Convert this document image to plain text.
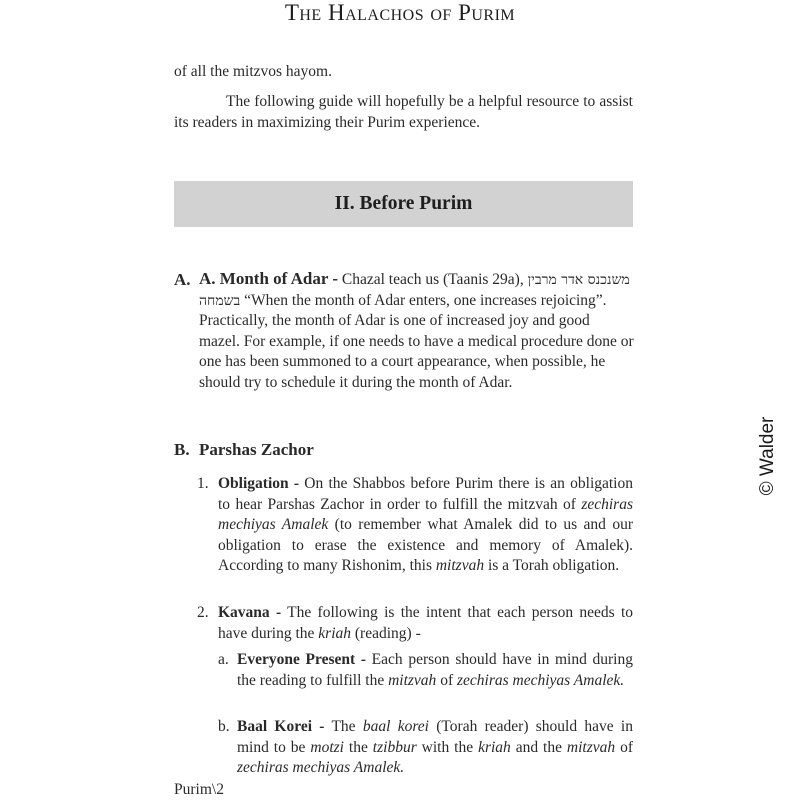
The Halachos of Purim
of all the mitzvos hayom.
The following guide will hopefully be a helpful resource to assist its readers in maximizing their Purim experience.
II. Before Purim
A. A. Month of Adar - Chazal teach us (Taanis 29a), משנכנס אדר מרבין בשמחה “When the month of Adar enters, one increases rejoicing”. Practically, the month of Adar is one of increased joy and good mazel. For example, if one needs to have a medical procedure done or one has been summoned to a court appearance, when possible, he should try to schedule it during the month of Adar.
B. Parshas Zachor
1. Obligation - On the Shabbos before Purim there is an obligation to hear Parshas Zachor in order to fulfill the mitzvah of zechiras mechiyas Amalek (to remember what Amalek did to us and our obligation to erase the existence and memory of Amalek). According to many Rishonim, this mitzvah is a Torah obligation.
2. Kavana - The following is the intent that each person needs to have during the kriah (reading) -
a. Everyone Present - Each person should have in mind during the reading to fulfill the mitzvah of zechiras mechiyas Amalek.
b. Baal Korei - The baal korei (Torah reader) should have in mind to be motzi the tzibbur with the kriah and the mitzvah of zechiras mechiyas Amalek.
Purim\2
© Walder
